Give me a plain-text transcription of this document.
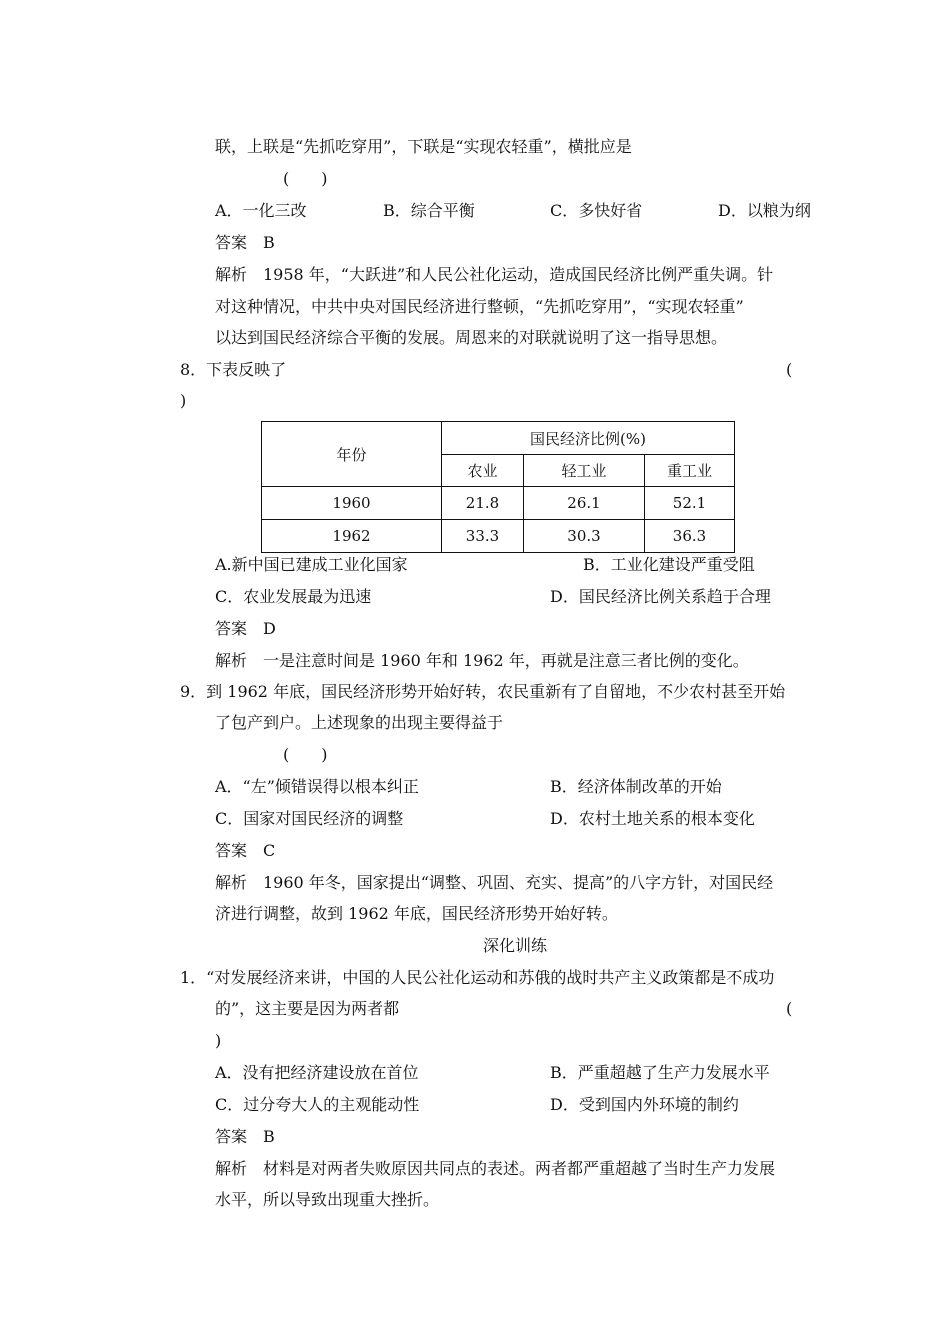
联，上联是“先抓吃穿用”，下联是“实现农轻重”，横批应是
(　　)
A．一化三改	B．综合平衡	C．多快好省	D．以粮为纲
答案　B
解析　1958 年，“大跃进”和人民公社化运动，造成国民经济比例严重失调。针
对这种情况，中共中央对国民经济进行整顿，“先抓吃穿用”，“实现农轻重”
以达到国民经济综合平衡的发展。周恩来的对联就说明了这一指导思想。
8．下表反映了	(
)
年份	国民经济比例(%)		
	农业	轻工业	重工业
1960	21.8	26.1	52.1
1962	33.3	30.3	36.3
A.新中国已建成工业化国家	B．工业化建设严重受阻
C．农业发展最为迅速	D．国民经济比例关系趋于合理
答案　D
解析　一是注意时间是 1960 年和 1962 年，再就是注意三者比例的变化。
9．到 1962 年底，国民经济形势开始好转，农民重新有了自留地，不少农村甚至开始
了包产到户。上述现象的出现主要得益于
(　　)
A．“左”倾错误得以根本纠正	B．经济体制改革的开始
C．国家对国民经济的调整	D．农村土地关系的根本变化
答案　C
解析　1960 年冬，国家提出“调整、巩固、充实、提高”的八字方针，对国民经
济进行调整，故到 1962 年底，国民经济形势开始好转。
深化训练
1．“对发展经济来讲，中国的人民公社化运动和苏俄的战时共产主义政策都是不成功
的”，这主要是因为两者都	(
)
A．没有把经济建设放在首位	B．严重超越了生产力发展水平
C．过分夸大人的主观能动性	D．受到国内外环境的制约
答案　B
解析　材料是对两者失败原因共同点的表述。两者都严重超越了当时生产力发展
水平，所以导致出现重大挫折。
